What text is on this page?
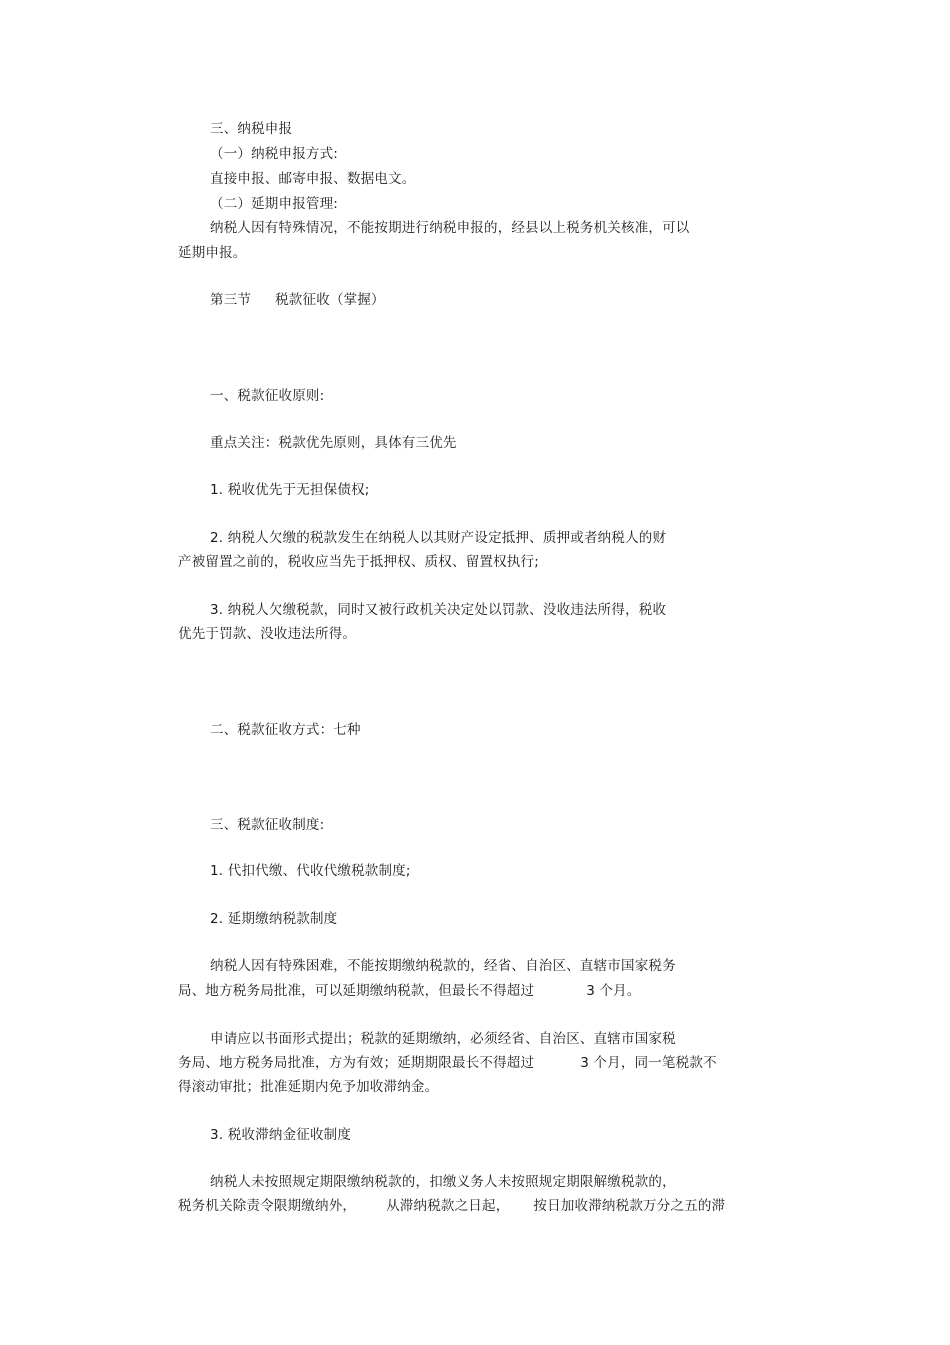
三、纳税申报
（一）纳税申报方式:
直接申报、邮寄申报、数据电文。
（二）延期申报管理:
纳税人因有特殊情况，不能按期进行纳税申报的，经县以上税务机关核准，可以
延期申报。
第三节 税款征收（掌握）
一、税款征收原则:
重点关注：税款优先原则，具体有三优先
1. 税收优先于无担保债权;
2. 纳税人欠缴的税款发生在纳税人以其财产设定抵押、质押或者纳税人的财
产被留置之前的，税收应当先于抵押权、质权、留置权执行;
3. 纳税人欠缴税款，同时又被行政机关决定处以罚款、没收违法所得，税收
优先于罚款、没收违法所得。
二、税款征收方式：七种
三、税款征收制度:
1. 代扣代缴、代收代缴税款制度;
2. 延期缴纳税款制度
纳税人因有特殊困难，不能按期缴纳税款的，经省、自治区、直辖市国家税务
局、地方税务局批准，可以延期缴纳税款，但最长不得超过	3 个月。
申请应以书面形式提出；税款的延期缴纳，必须经省、自治区、直辖市国家税
务局、地方税务局批准，方为有效；延期期限最长不得超过	3 个月，同一笔税款不
得滚动审批；批准延期内免予加收滞纳金。
3. 税收滞纳金征收制度
纳税人未按照规定期限缴纳税款的，扣缴义务人未按照规定期限解缴税款的，
税务机关除责令限期缴纳外， 从滞纳税款之日起， 按日加收滞纳税款万分之五的滞
